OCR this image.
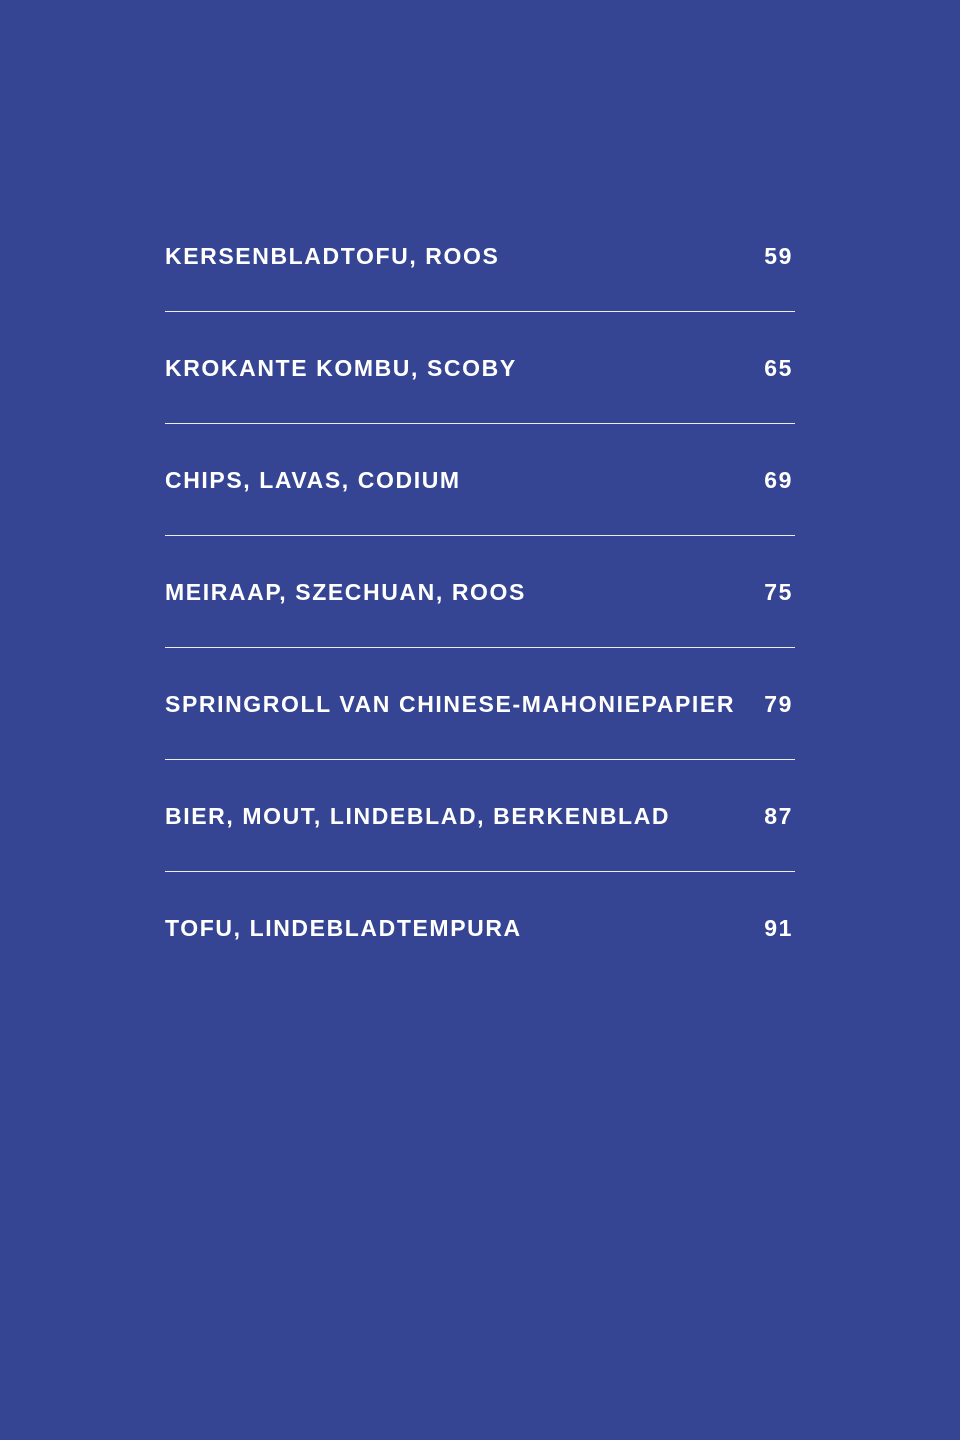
KERSENBLADTOFU, ROOS	59
KROKANTE KOMBU, SCOBY	65
CHIPS, LAVAS, CODIUM	69
MEIRAAP, SZECHUAN, ROOS	75
SPRINGROLL VAN CHINESE-MAHONIEPAPIER 79
BIER, MOUT, LINDEBLAD, BERKENBLAD	87
TOFU, LINDEBLADTEMPURA	91
